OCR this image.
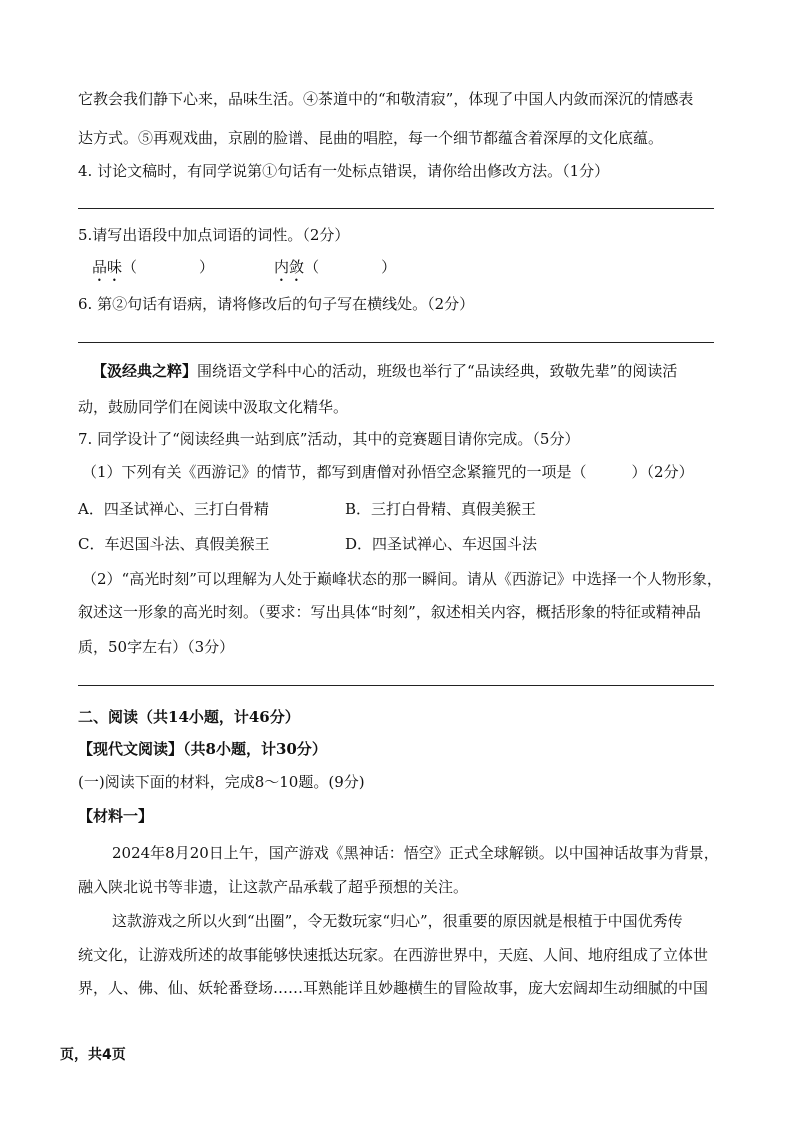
它教会我们静下心来，品味生活。④茶道中的“和敬清寂”，体现了中国人内敛而深沉的情感表
达方式。⑤再观戏曲，京剧的脸谱、昆曲的唱腔，每一个细节都蕴含着深厚的文化底蕴。
4. 讨论文稿时，有同学说第①句话有一处标点错误，请你给出修改方法。（1分）
5.请写出语段中加点词语的词性。（2分）
品味（	）	内敛（	）
6. 第②句话有语病，请将修改后的句子写在横线处。（2分）
【汲经典之粹】围绕语文学科中心的活动，班级也举行了“品读经典，致敬先辈”的阅读活
动，鼓励同学们在阅读中汲取文化精华。
7. 同学设计了“阅读经典一站到底”活动，其中的竞赛题目请你完成。（5分）
（1）下列有关《西游记》的情节，都写到唐僧对孙悟空念紧箍咒的一项是（　　　）（2分）
A．四圣试禅心、三打白骨精	B．三打白骨精、真假美猴王
C．车迟国斗法、真假美猴王	D．四圣试禅心、车迟国斗法
（2）“高光时刻”可以理解为人处于巅峰状态的那一瞬间。请从《西游记》中选择一个人物形象，
叙述这一形象的高光时刻。（要求：写出具体“时刻”，叙述相关内容，概括形象的特征或精神品
质，50字左右）（3分）
二、阅读（共14小题，计46分）
【现代文阅读】（共8小题，计30分）
(一)阅读下面的材料，完成8～10题。(9分)
【材料一】
2024年8月20日上午，国产游戏《黑神话：悟空》正式全球解锁。以中国神话故事为背景，
融入陕北说书等非遗，让这款产品承载了超乎预想的关注。
这款游戏之所以火到“出圈”，令无数玩家“归心”，很重要的原因就是根植于中国优秀传
统文化，让游戏所述的故事能够快速抵达玩家。在西游世界中，天庭、人间、地府组成了立体世
界，人、佛、仙、妖轮番登场……耳熟能详且妙趣横生的冒险故事，庞大宏阔却生动细腻的中国
页，共4页
